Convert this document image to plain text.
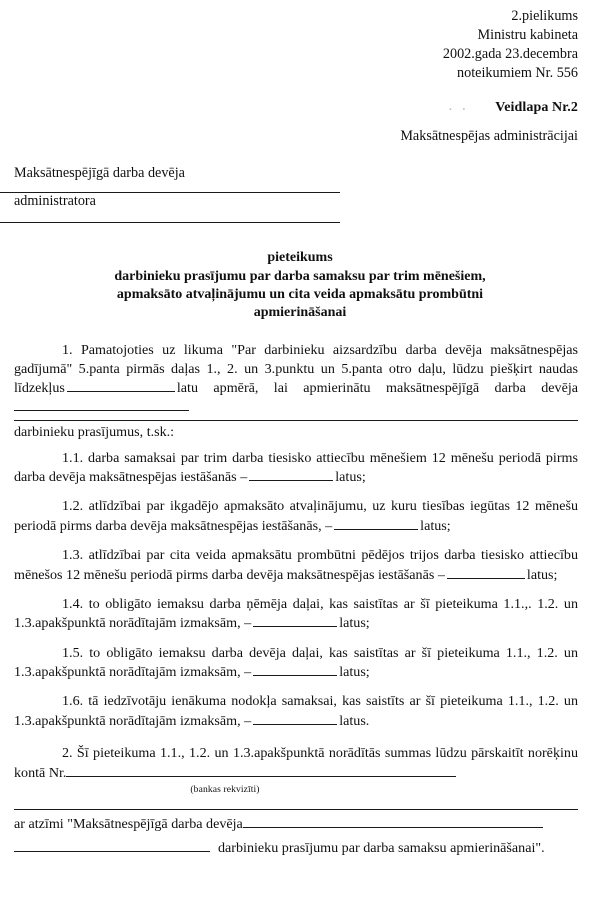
2.pielikums
Ministru kabineta
2002.gada 23.decembra
noteikumiem Nr. 556
. . Veidlapa Nr.2
Maksātnespējas administrācijai
Maksātnespējīgā darba devēja
administratora
pieteikums
darbinieku prasījumu par darba samaksu par trim mēnešiem,
apmaksāto atvaļinājumu un cita veida apmaksātu prombūtni
apmierināšanai

1. Pamatojoties uz likuma "Par darbinieku aizsardzību darba devēja maksātnespējas gadījumā" 5.panta pirmās daļas 1., 2. un 3.punktu un 5.panta otro daļu, lūdzu piešķirt naudas līdzekļus	latu apmērā, lai apmierinātu maksātnespējīgā darba devēja

darbinieku prasījumus, t.sk.:

1.1. darba samaksai par trim darba tiesisko attiecību mēnešiem 12 mēnešu periodā pirms darba devēja maksātnespējas iestāšanās –	latus;

1.2. atlīdzībai par ikgadējo apmaksāto atvaļinājumu, uz kuru tiesības iegūtas 12 mēnešu periodā pirms darba devēja maksātnespējas iestāšanās, –	latus;

1.3. atlīdzībai par cita veida apmaksātu prombūtni pēdējos trijos darba tiesisko attiecību mēnešos 12 mēnešu periodā pirms darba devēja maksātnespējas iestāšanās –	latus;

1.4. to obligāto iemaksu darba ņēmēja daļai, kas saistītas ar šī pieteikuma 1.1.,. 1.2. un 1.3.apakšpunktā norādītajām izmaksām, –	latus;

1.5. to obligāto iemaksu darba devēja daļai, kas saistītas ar šī pieteikuma 1.1., 1.2. un 1.3.apakšpunktā norādītajām izmaksām, –	latus;

1.6. tā iedzīvotāju ienākuma nodokļa samaksai, kas saistīts ar šī pieteikuma 1.1., 1.2. un 1.3.apakšpunktā norādītajām izmaksām, –	latus.

2. Šī pieteikuma 1.1., 1.2. un 1.3.apakšpunktā norādītās summas lūdzu pārskaitīt norēķinu kontā Nr.

(bankas rekvizīti)
ar atzīmi "Maksātnespējīgā darba devēja
darbinieku prasījumu par darba samaksu apmierināšanai".
